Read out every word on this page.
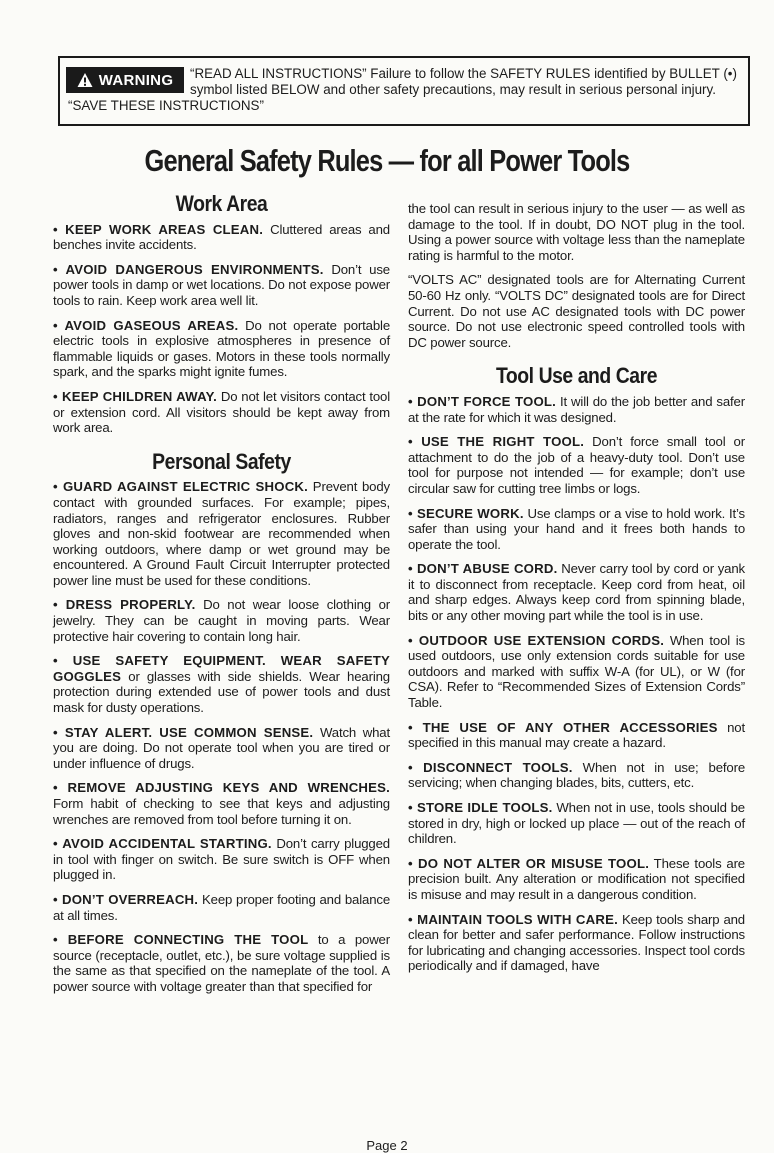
WARNING	“READ ALL INSTRUCTIONS” Failure to follow the SAFETY RULES identified by BULLET (•)
symbol listed BELOW and other safety precautions, may result in serious personal injury.
“SAVE THESE INSTRUCTIONS”
General Safety Rules — for all Power Tools
Work Area

• KEEP WORK AREAS CLEAN. Cluttered areas and benches invite accidents.

• AVOID DANGEROUS ENVIRONMENTS. Don’t use power tools in damp or wet locations. Do not expose power tools to rain. Keep work area well lit.

• AVOID GASEOUS AREAS. Do not operate portable electric tools in explosive atmospheres in presence of flammable liquids or gases. Motors in these tools normally spark, and the sparks might ignite fumes.

• KEEP CHILDREN AWAY. Do not let visitors contact tool or extension cord. All visitors should be kept away from work area.

Personal Safety

• GUARD AGAINST ELECTRIC SHOCK. Prevent body contact with grounded surfaces. For example; pipes, radiators, ranges and refrigerator enclosures. Rubber gloves and non-skid footwear are recommended when working outdoors, where damp or wet ground may be encountered. A Ground Fault Circuit Interrupter protected power line must be used for these conditions.

• DRESS PROPERLY. Do not wear loose clothing or jewelry. They can be caught in moving parts. Wear protective hair covering to contain long hair.

• USE SAFETY EQUIPMENT. WEAR SAFETY GOGGLES or glasses with side shields. Wear hearing protection during extended use of power tools and dust mask for dusty operations.

• STAY ALERT. USE COMMON SENSE. Watch what you are doing. Do not operate tool when you are tired or under influence of drugs.

• REMOVE ADJUSTING KEYS AND WRENCHES. Form habit of checking to see that keys and adjusting wrenches are removed from tool before turning it on.

• AVOID ACCIDENTAL STARTING. Don’t carry plugged in tool with finger on switch. Be sure switch is OFF when plugged in.

• DON’T OVERREACH. Keep proper footing and balance at all times.

• BEFORE CONNECTING THE TOOL to a power source (receptacle, outlet, etc.), be sure voltage supplied is the same as that specified on the nameplate of the tool. A power source with voltage greater than that specified for

the tool can result in serious injury to the user — as well as damage to the tool. If in doubt, DO NOT plug in the tool. Using a power source with voltage less than the nameplate rating is harmful to the motor.

“VOLTS AC” designated tools are for Alternating Current 50-60 Hz only. “VOLTS DC” designated tools are for Direct Current. Do not use AC designated tools with DC power source. Do not use electronic speed controlled tools with DC power source.

Tool Use and Care

• DON’T FORCE TOOL. It will do the job better and safer at the rate for which it was designed.

• USE THE RIGHT TOOL. Don’t force small tool or attachment to do the job of a heavy-duty tool. Don’t use tool for purpose not intended — for example; don’t use circular saw for cutting tree limbs or logs.

• SECURE WORK. Use clamps or a vise to hold work. It’s safer than using your hand and it frees both hands to operate the tool.

• DON’T ABUSE CORD. Never carry tool by cord or yank it to disconnect from receptacle. Keep cord from heat, oil and sharp edges. Always keep cord from spinning blade, bits or any other moving part while the tool is in use.

• OUTDOOR USE EXTENSION CORDS. When tool is used outdoors, use only extension cords suitable for use outdoors and marked with suffix W-A (for UL), or W (for CSA). Refer to “Recommended Sizes of Extension Cords” Table.

• THE USE OF ANY OTHER ACCESSORIES not specified in this manual may create a hazard.

• DISCONNECT TOOLS. When not in use; before servicing; when changing blades, bits, cutters, etc.

• STORE IDLE TOOLS. When not in use, tools should be stored in dry, high or locked up place — out of the reach of children.

• DO NOT ALTER OR MISUSE TOOL. These tools are precision built. Any alteration or modification not specified is misuse and may result in a dangerous condition.

• MAINTAIN TOOLS WITH CARE. Keep tools sharp and clean for better and safer performance. Follow instructions for lubricating and changing accessories. Inspect tool cords periodically and if damaged, have

Page 2
